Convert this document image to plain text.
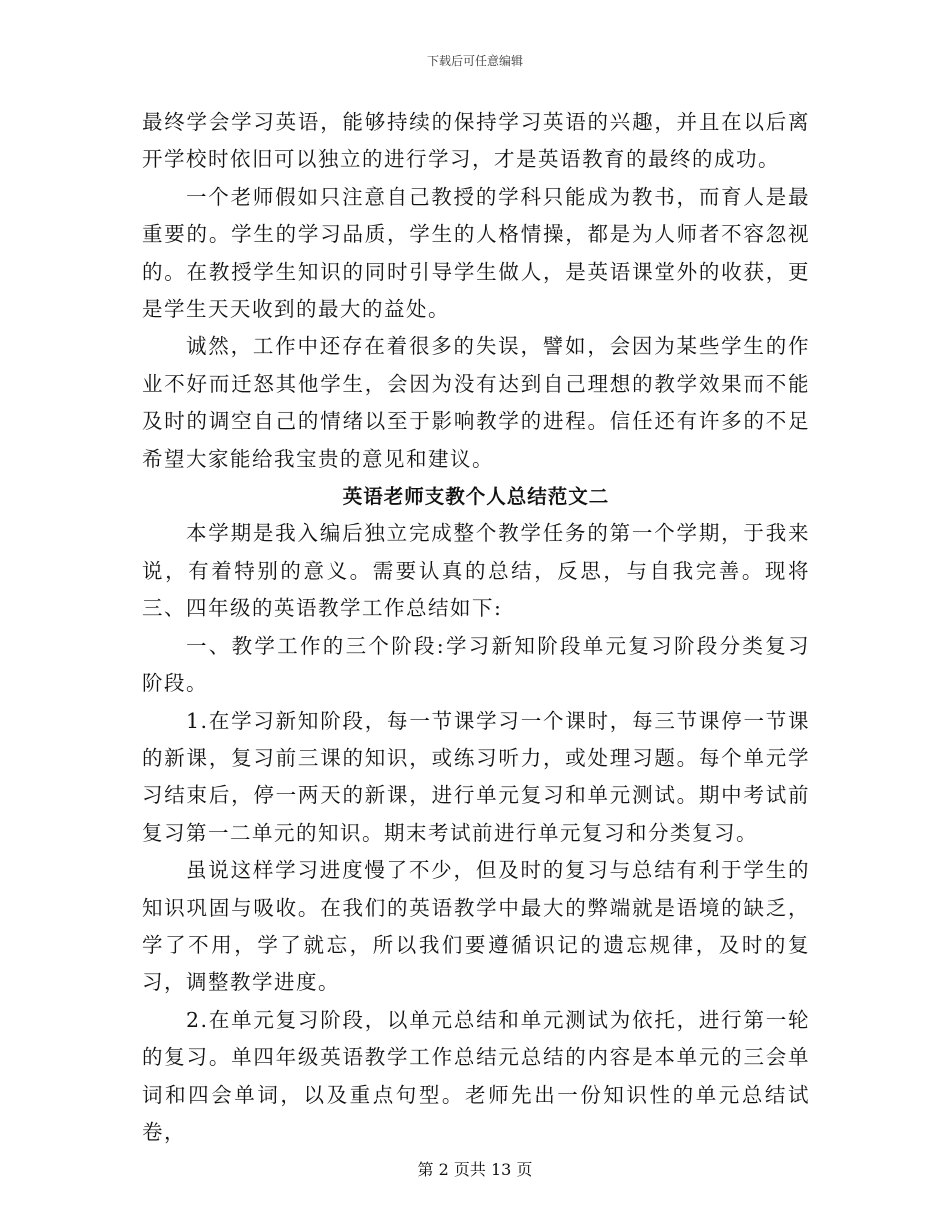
下载后可任意编辑

最终学会学习英语，能够持续的保持学习英语的兴趣，并且在以后离开学校时依旧可以独立的进行学习，才是英语教育的最终的成功。

一个老师假如只注意自己教授的学科只能成为教书，而育人是最重要的。学生的学习品质，学生的人格情操，都是为人师者不容忽视的。在教授学生知识的同时引导学生做人，是英语课堂外的收获，更是学生天天收到的最大的益处。

诚然，工作中还存在着很多的失误，譬如，会因为某些学生的作业不好而迁怒其他学生，会因为没有达到自己理想的教学效果而不能及时的调空自己的情绪以至于影响教学的进程。信任还有许多的不足希望大家能给我宝贵的意见和建议。

英语老师支教个人总结范文二

本学期是我入编后独立完成整个教学任务的第一个学期，于我来说，有着特别的意义。需要认真的总结，反思，与自我完善。现将三、四年级的英语教学工作总结如下:

一、教学工作的三个阶段:学习新知阶段单元复习阶段分类复习阶段。

1.在学习新知阶段，每一节课学习一个课时，每三节课停一节课的新课，复习前三课的知识，或练习听力，或处理习题。每个单元学习结束后，停一两天的新课，进行单元复习和单元测试。期中考试前复习第一二单元的知识。期末考试前进行单元复习和分类复习。

虽说这样学习进度慢了不少，但及时的复习与总结有利于学生的知识巩固与吸收。在我们的英语教学中最大的弊端就是语境的缺乏，学了不用，学了就忘，所以我们要遵循识记的遗忘规律，及时的复习，调整教学进度。

2.在单元复习阶段，以单元总结和单元测试为依托，进行第一轮的复习。单四年级英语教学工作总结元总结的内容是本单元的三会单词和四会单词，以及重点句型。老师先出一份知识性的单元总结试卷，

第 2 页共 13 页
